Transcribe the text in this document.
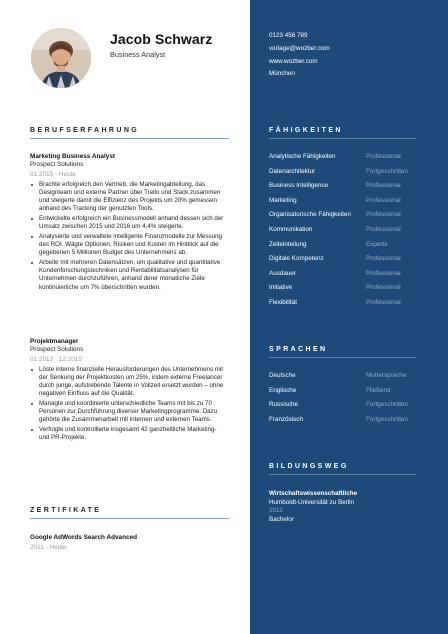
Jacob Schwarz
Business Analyst
BERUFSERFAHRUNG
Marketing Business Analyst
Prospect Solutions
01.2015 · Heute
Brachte erfolgreich den Vertrieb, die Marketingabteilung, das Designteam und externe Partner über Trello und Slack zusammen und steigerte damit die Effizienz des Projekts um 20% gemessen anhand des Tracking der genutzten Tools.
Entwickelte erfolgreich ein Businessmodell anhand dessen sich der Umsatz zwischen 2015 und 2016 um 4,4% steigerte.
Analysierte und verwaltete intelligente Finanzmodelle zur Messung des ROI. Wägte Optionen, Risiken und Kosten im Hinblick auf die gegebenen 5 Millionen Budget des Unternehmens ab.
Arbeite mit mehreren Datensätzen, um qualitative und quantitative Kundenforschungstechniken und Rentabilitätsanalysen für Unternehmen durchzuführen, anhand derer monatliche Ziele kontinuierliche um 7% überschritten wurden.
Projektmanager
Prospect Solutions
01.2013 · 12.2015
Löste interne finanzielle Herausforderungen des Unternehmens mit der Senkung der Projektkosten um 25%, indem externe Freelancer durch junge, aufstrebende Talente in Vollzeit ersetzt wurden – ohne negativen Einfluss auf die Qualität.
Managte und koordinierte unterschiedliche Teams mit bis zu 70 Personen zur Durchführung diverser Marketingprogramme. Dazu gehörte die Zusammenarbeit mit internen und externen Teams.
Verfolgte und kontrollierte insgesamt 42 ganzheitliche Marketing- und PR-Projekte.
ZERTIFIKATE
Google AdWords Search Advanced
2011 · Heute
0123 456 789
vorlage@wozber.com
www.wozber.com
München
FÄHIGKEITEN
Analytische Fähigkeiten	Professional
Datenarchitektur	Fortgeschritten
Business Intelligence	Professional
Marketing	Professional
Organisatorische Fähigkeiten Professional
Kommunikation	Professional
Zeiteinteilung	Experte
Digitale Kompetenz	Professional
Ausdauer	Professional
Initiative	Professional
Flexibilität	Professional
SPRACHEN
Deutsche	Muttersprache
Englische	Fließend
Russische	Fortgeschritten
Französisch	Fortgeschritten
BILDUNGSWEG
Wirtschaftswissenschaftliche
Humboldt-Universität zu Berlin
2012
Bachelor
